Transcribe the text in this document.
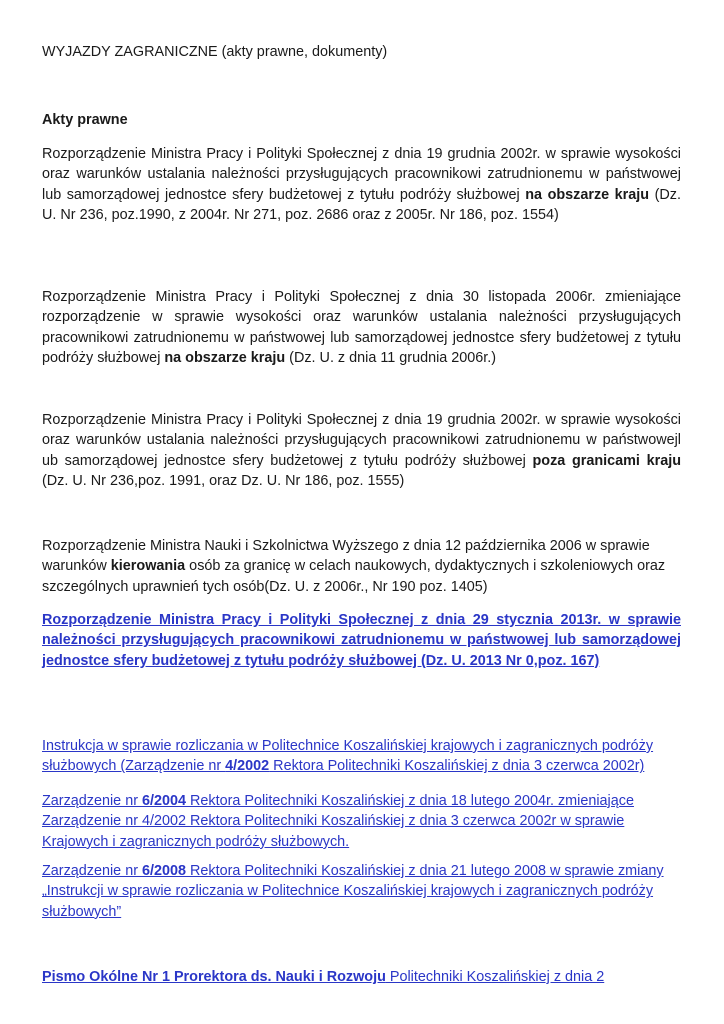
WYJAZDY ZAGRANICZNE (akty prawne, dokumenty)
Akty prawne

Rozporządzenie Ministra Pracy i Polityki Społecznej z dnia 19 grudnia 2002r. w sprawie wysokości oraz warunków ustalania należności przysługujących pracownikowi zatrudnionemu w państwowej lub samorządowej jednostce sfery budżetowej z tytułu podróży służbowej na obszarze kraju (Dz. U. Nr 236, poz.1990, z 2004r. Nr 271, poz. 2686 oraz z 2005r. Nr 186, poz. 1554)

Rozporządzenie Ministra Pracy i Polityki Społecznej z dnia 30 listopada 2006r. zmieniające rozporządzenie w sprawie wysokości oraz warunków ustalania należności przysługujących pracownikowi zatrudnionemu w państwowej lub samorządowej jednostce sfery budżetowej z tytułu podróży służbowej na obszarze kraju (Dz. U. z dnia 11 grudnia 2006r.)

Rozporządzenie Ministra Pracy i Polityki Społecznej z dnia 19 grudnia 2002r. w sprawie wysokości oraz warunków ustalania należności przysługujących pracownikowi zatrudnionemu w państwowejl ub samorządowej jednostce sfery budżetowej z tytułu podróży służbowej poza granicami kraju (Dz. U. Nr 236,poz. 1991, oraz Dz. U. Nr 186, poz. 1555)

Rozporządzenie Ministra Nauki i Szkolnictwa Wyższego z dnia 12 października 2006 w sprawie warunków kierowania osób za granicę w celach naukowych, dydaktycznych i szkoleniowych oraz szczególnych uprawnień tych osób(Dz. U. z 2006r., Nr 190 poz. 1405)

Rozporządzenie Ministra Pracy i Polityki Społecznej z dnia 29 stycznia 2013r. w sprawie należności przysługujących pracownikowi zatrudnionemu w państwowej lub samorządowej jednostce sfery budżetowej z tytułu podróży służbowej (Dz. U. 2013 Nr 0,poz. 167)

Instrukcja w sprawie rozliczania w Politechnice Koszalińskiej krajowych i zagranicznych podróży służbowych (Zarządzenie nr 4/2002 Rektora Politechniki Koszalińskiej z dnia 3 czerwca 2002r)

Zarządzenie nr 6/2004 Rektora Politechniki Koszalińskiej z dnia 18 lutego 2004r. zmieniające Zarządzenie nr 4/2002 Rektora Politechniki Koszalińskiej z dnia 3 czerwca 2002r w sprawie Krajowych i zagranicznych podróży służbowych.

Zarządzenie nr 6/2008 Rektora Politechniki Koszalińskiej z dnia 21 lutego 2008 w sprawie zmiany „Instrukcji w sprawie rozliczania w Politechnice Koszalińskiej krajowych i zagranicznych podróży służbowych”

Pismo Okólne Nr 1 Prorektora ds. Nauki i Rozwoju Politechniki Koszalińskiej z dnia 2
